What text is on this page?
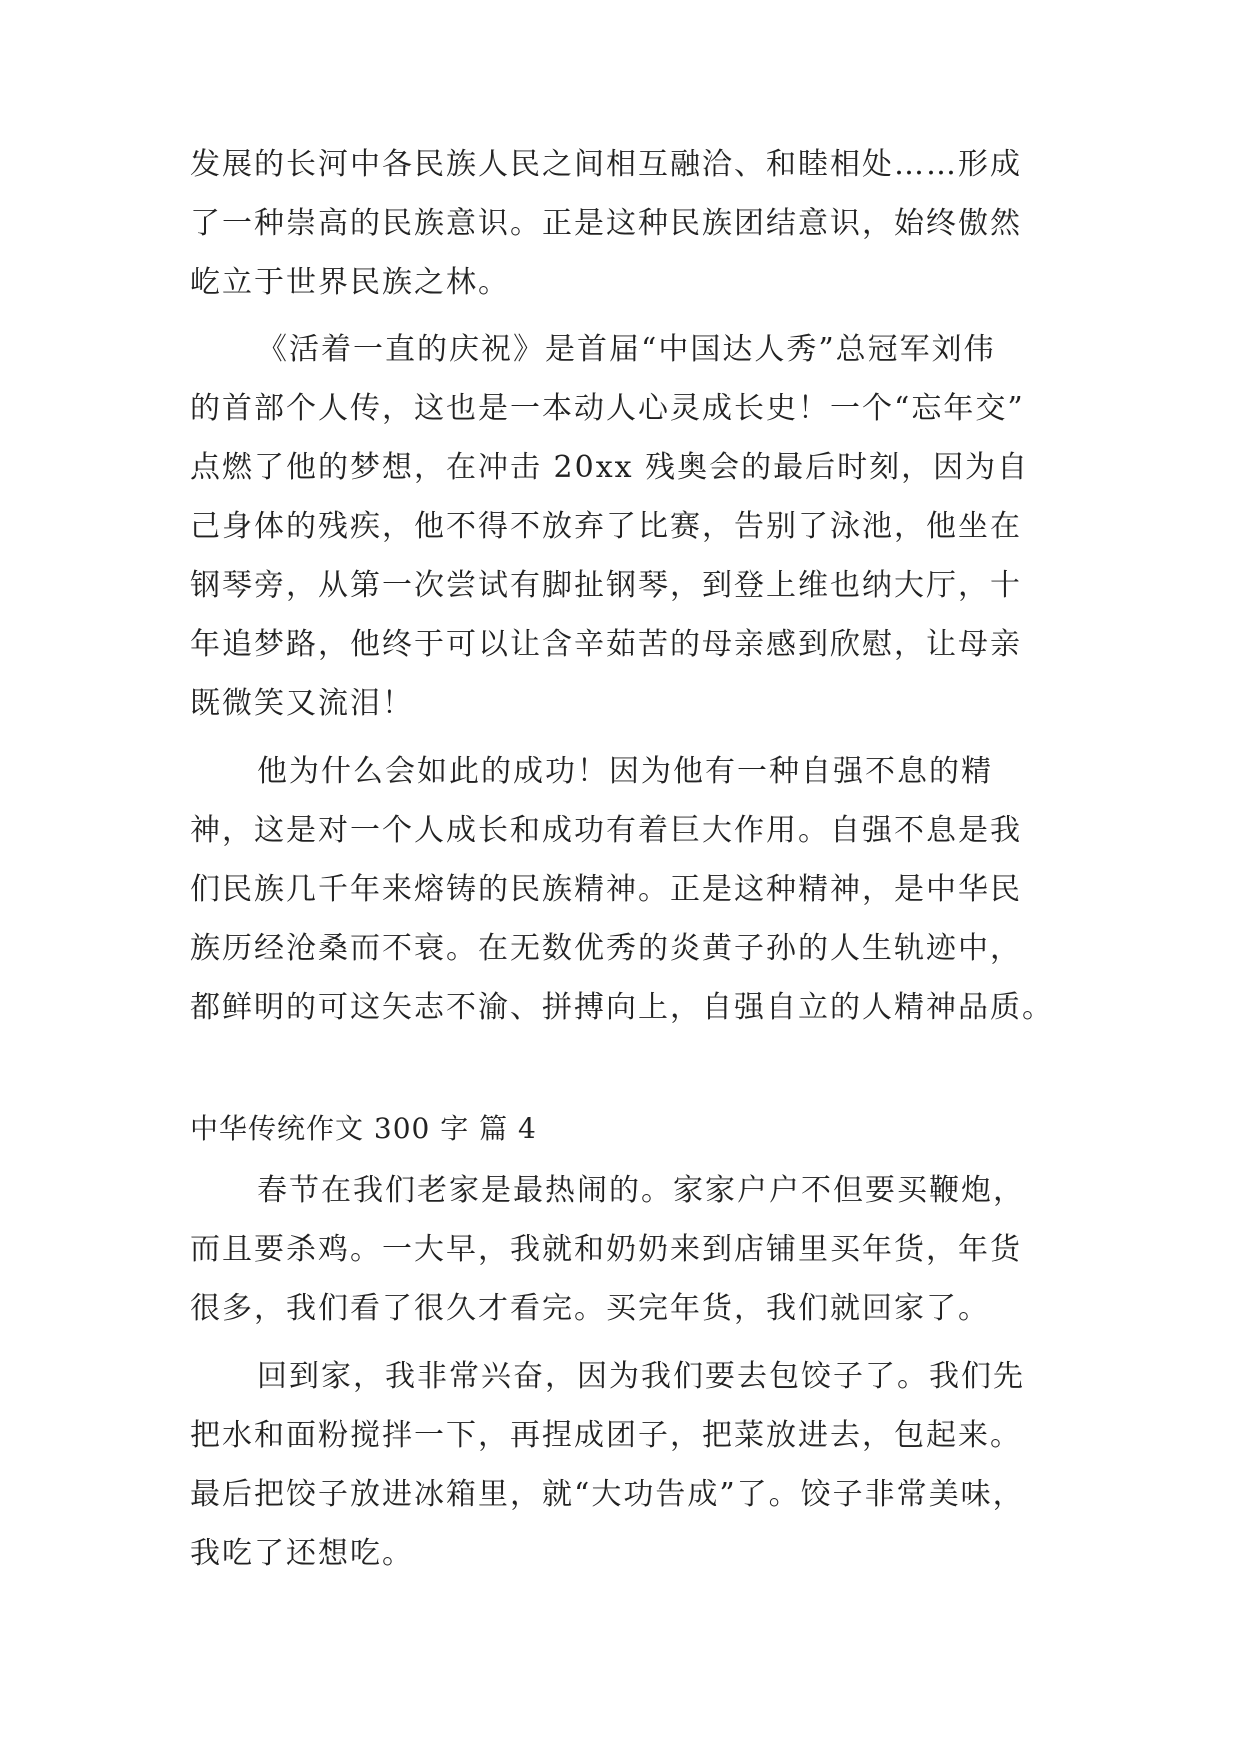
发展的长河中各民族人民之间相互融洽、和睦相处……形成
了一种崇高的民族意识。正是这种民族团结意识，始终傲然
屹立于世界民族之林。
《活着一直的庆祝》是首届“中国达人秀”总冠军刘伟
的首部个人传，这也是一本动人心灵成长史！一个“忘年交”
点燃了他的梦想，在冲击 20xx 残奥会的最后时刻，因为自
己身体的残疾，他不得不放弃了比赛，告别了泳池，他坐在
钢琴旁，从第一次尝试有脚扯钢琴，到登上维也纳大厅，十
年追梦路，他终于可以让含辛茹苦的母亲感到欣慰，让母亲
既微笑又流泪！
他为什么会如此的成功！因为他有一种自强不息的精
神，这是对一个人成长和成功有着巨大作用。自强不息是我
们民族几千年来熔铸的民族精神。正是这种精神，是中华民
族历经沧桑而不衰。在无数优秀的炎黄子孙的人生轨迹中，
都鲜明的可这矢志不渝、拼搏向上，自强自立的人精神品质。
中华传统作文 300 字 篇 4
春节在我们老家是最热闹的。家家户户不但要买鞭炮，
而且要杀鸡。一大早，我就和奶奶来到店铺里买年货，年货
很多，我们看了很久才看完。买完年货，我们就回家了。
回到家，我非常兴奋，因为我们要去包饺子了。我们先
把水和面粉搅拌一下，再捏成团子，把菜放进去，包起来。
最后把饺子放进冰箱里，就“大功告成”了。饺子非常美味，
我吃了还想吃。
